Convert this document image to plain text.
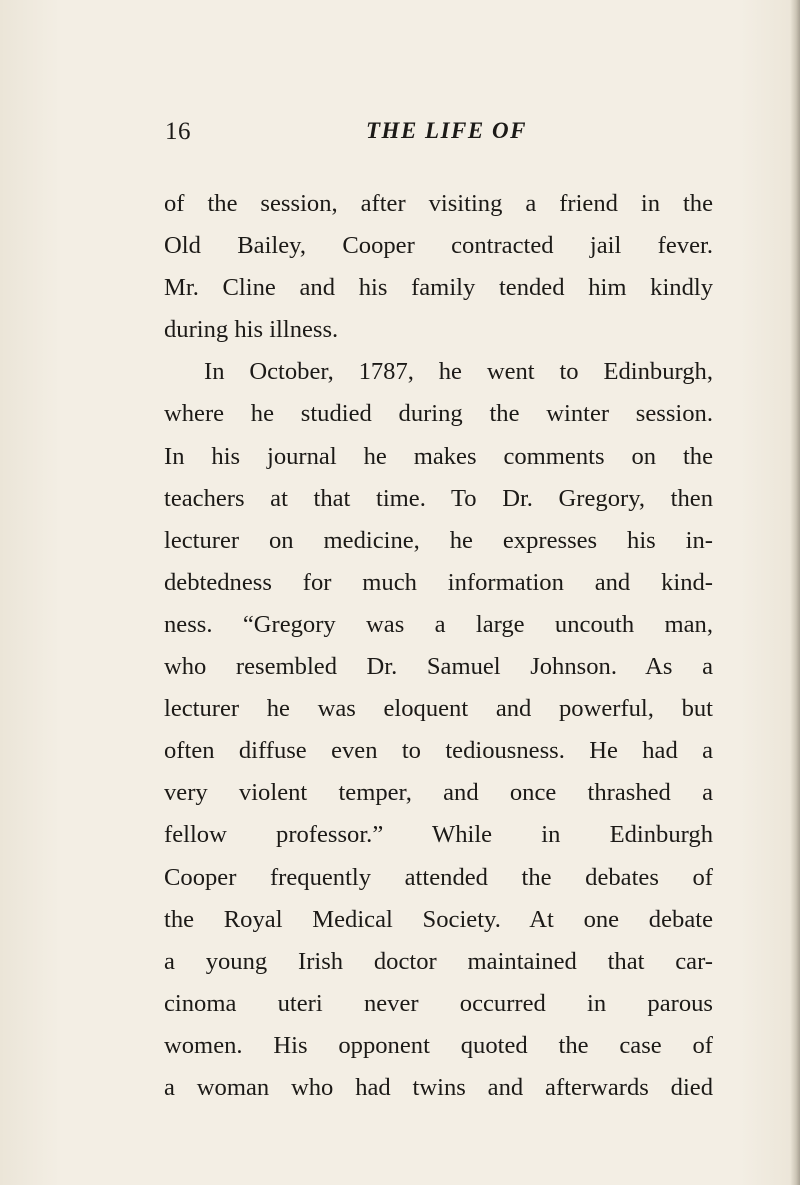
16	THE LIFE OF
of the session, after visiting a friend in the
Old Bailey, Cooper contracted jail fever.
Mr. Cline and his family tended him kindly
during his illness.
In October, 1787, he went to Edinburgh,
where he studied during the winter session.
In his journal he makes comments on the
teachers at that time. To Dr. Gregory, then
lecturer on medicine, he expresses his in-
debtedness for much information and kind-
ness. “Gregory was a large uncouth man,
who resembled Dr. Samuel Johnson. As a
lecturer he was eloquent and powerful, but
often diffuse even to tediousness. He had a
very violent temper, and once thrashed a
fellow professor.” While in Edinburgh
Cooper frequently attended the debates of
the Royal Medical Society. At one debate
a young Irish doctor maintained that car-
cinoma uteri never occurred in parous
women. His opponent quoted the case of
a woman who had twins and afterwards died
